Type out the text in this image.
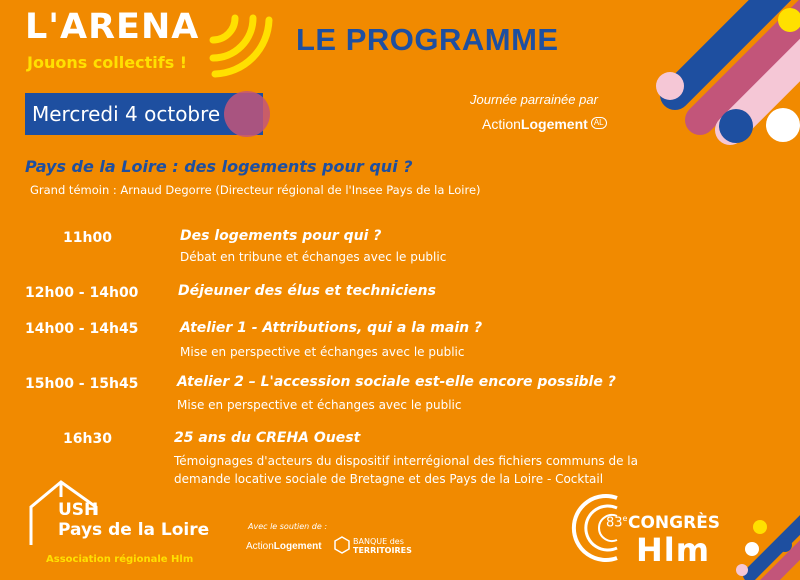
L'ARENA
Jouons collectifs !
LE PROGRAMME
Mercredi 4 octobre
Journée parrainée par
ActionLogement AL
Pays de la Loire : des logements pour qui ?
Grand témoin : Arnaud Degorre (Directeur régional de l'Insee Pays de la Loire)
11h00	Des logements pour qui ?
Débat en tribune et échanges avec le public
12h00 - 14h00	Déjeuner des élus et techniciens
14h00 - 14h45	Atelier 1 - Attributions, qui a la main ?
Mise en perspective et échanges avec le public
15h00 - 15h45	Atelier 2 – L'accession sociale est-elle encore possible ?
Mise en perspective et échanges avec le public
16h30	25 ans du CREHA Ouest
Témoignages d'acteurs du dispositif interrégional des fichiers communs de la
demande locative sociale de Bretagne et des Pays de la Loire - Cocktail
USH
Pays de la Loire
Association régionale Hlm
Avec le soutien de :
ActionLogement	BANQUE des
TERRITOIRES
83e CONGRÈS
Hlm
